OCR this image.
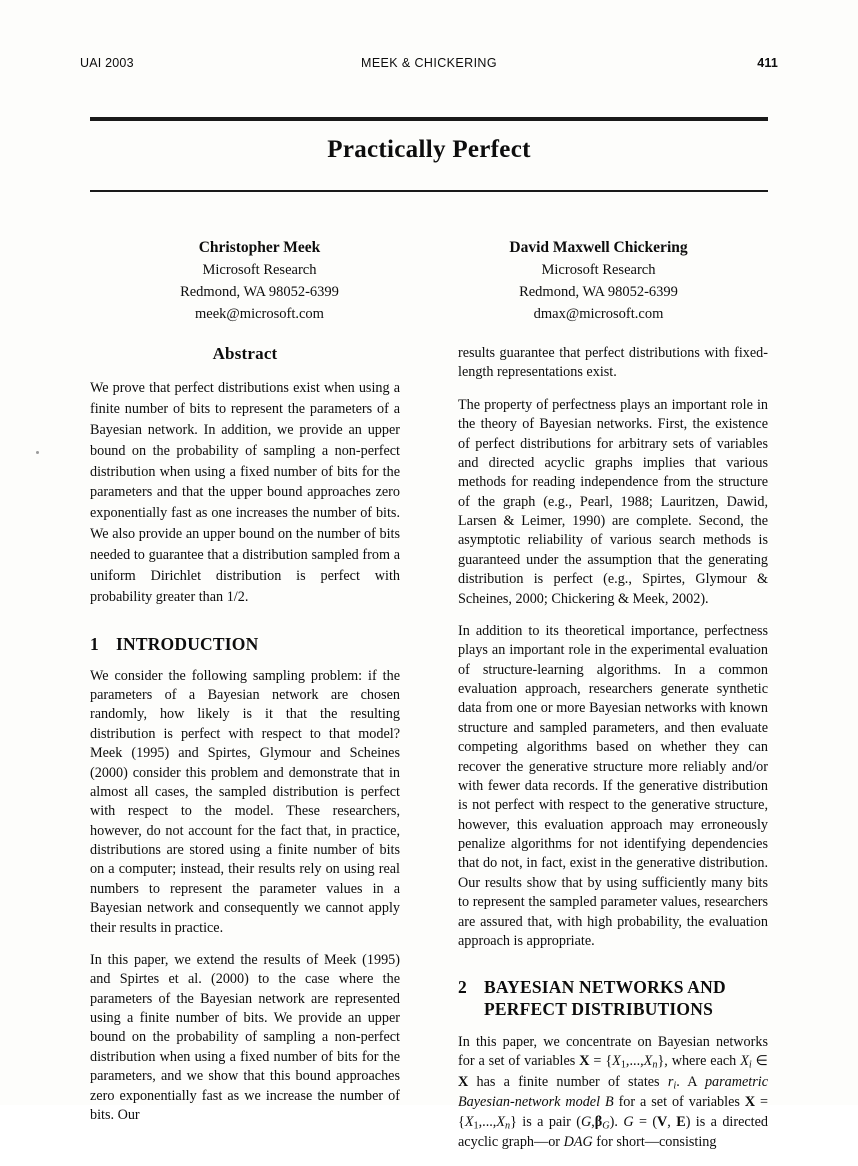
UAI 2003	MEEK & CHICKERING	411
Practically Perfect
Christopher Meek
Microsoft Research
Redmond, WA 98052-6399
meek@microsoft.com
David Maxwell Chickering
Microsoft Research
Redmond, WA 98052-6399
dmax@microsoft.com
Abstract

We prove that perfect distributions exist when using a finite number of bits to represent the parameters of a Bayesian network. In addition, we provide an upper bound on the probability of sampling a non-perfect distribution when using a fixed number of bits for the parameters and that the upper bound approaches zero exponentially fast as one increases the number of bits. We also provide an upper bound on the number of bits needed to guarantee that a distribution sampled from a uniform Dirichlet distribution is perfect with probability greater than 1/2.

1 INTRODUCTION

We consider the following sampling problem: if the parameters of a Bayesian network are chosen randomly, how likely is it that the resulting distribution is perfect with respect to that model? Meek (1995) and Spirtes, Glymour and Scheines (2000) consider this problem and demonstrate that in almost all cases, the sampled distribution is perfect with respect to the model. These researchers, however, do not account for the fact that, in practice, distributions are stored using a finite number of bits on a computer; instead, their results rely on using real numbers to represent the parameter values in a Bayesian network and consequently we cannot apply their results in practice.

In this paper, we extend the results of Meek (1995) and Spirtes et al. (2000) to the case where the parameters of the Bayesian network are represented using a finite number of bits. We provide an upper bound on the probability of sampling a non-perfect distribution when using a fixed number of bits for the parameters, and we show that this bound approaches zero exponentially fast as we increase the number of bits. Our

results guarantee that perfect distributions with fixed-length representations exist.

The property of perfectness plays an important role in the theory of Bayesian networks. First, the existence of perfect distributions for arbitrary sets of variables and directed acyclic graphs implies that various methods for reading independence from the structure of the graph (e.g., Pearl, 1988; Lauritzen, Dawid, Larsen & Leimer, 1990) are complete. Second, the asymptotic reliability of various search methods is guaranteed under the assumption that the generating distribution is perfect (e.g., Spirtes, Glymour & Scheines, 2000; Chickering & Meek, 2002).

In addition to its theoretical importance, perfectness plays an important role in the experimental evaluation of structure-learning algorithms. In a common evaluation approach, researchers generate synthetic data from one or more Bayesian networks with known structure and sampled parameters, and then evaluate competing algorithms based on whether they can recover the generative structure more reliably and/or with fewer data records. If the generative distribution is not perfect with respect to the generative structure, however, this evaluation approach may erroneously penalize algorithms for not identifying dependencies that do not, in fact, exist in the generative distribution. Our results show that by using sufficiently many bits to represent the sampled parameter values, researchers are assured that, with high probability, the evaluation approach is appropriate.

2 BAYESIAN NETWORKS AND
PERFECT DISTRIBUTIONS

In this paper, we concentrate on Bayesian networks for a set of variables $X = \{X_1,...,X_n\}$, where each $X_i$ ∈ X has a finite number of states $r_i$. A parametric Bayesian-network model B for a set of variables $X = \{X_1,...,X_n\}$ is a pair $(G,\beta_G)$. G = (V, E) is a directed acyclic graph—or DAG for short—consisting
